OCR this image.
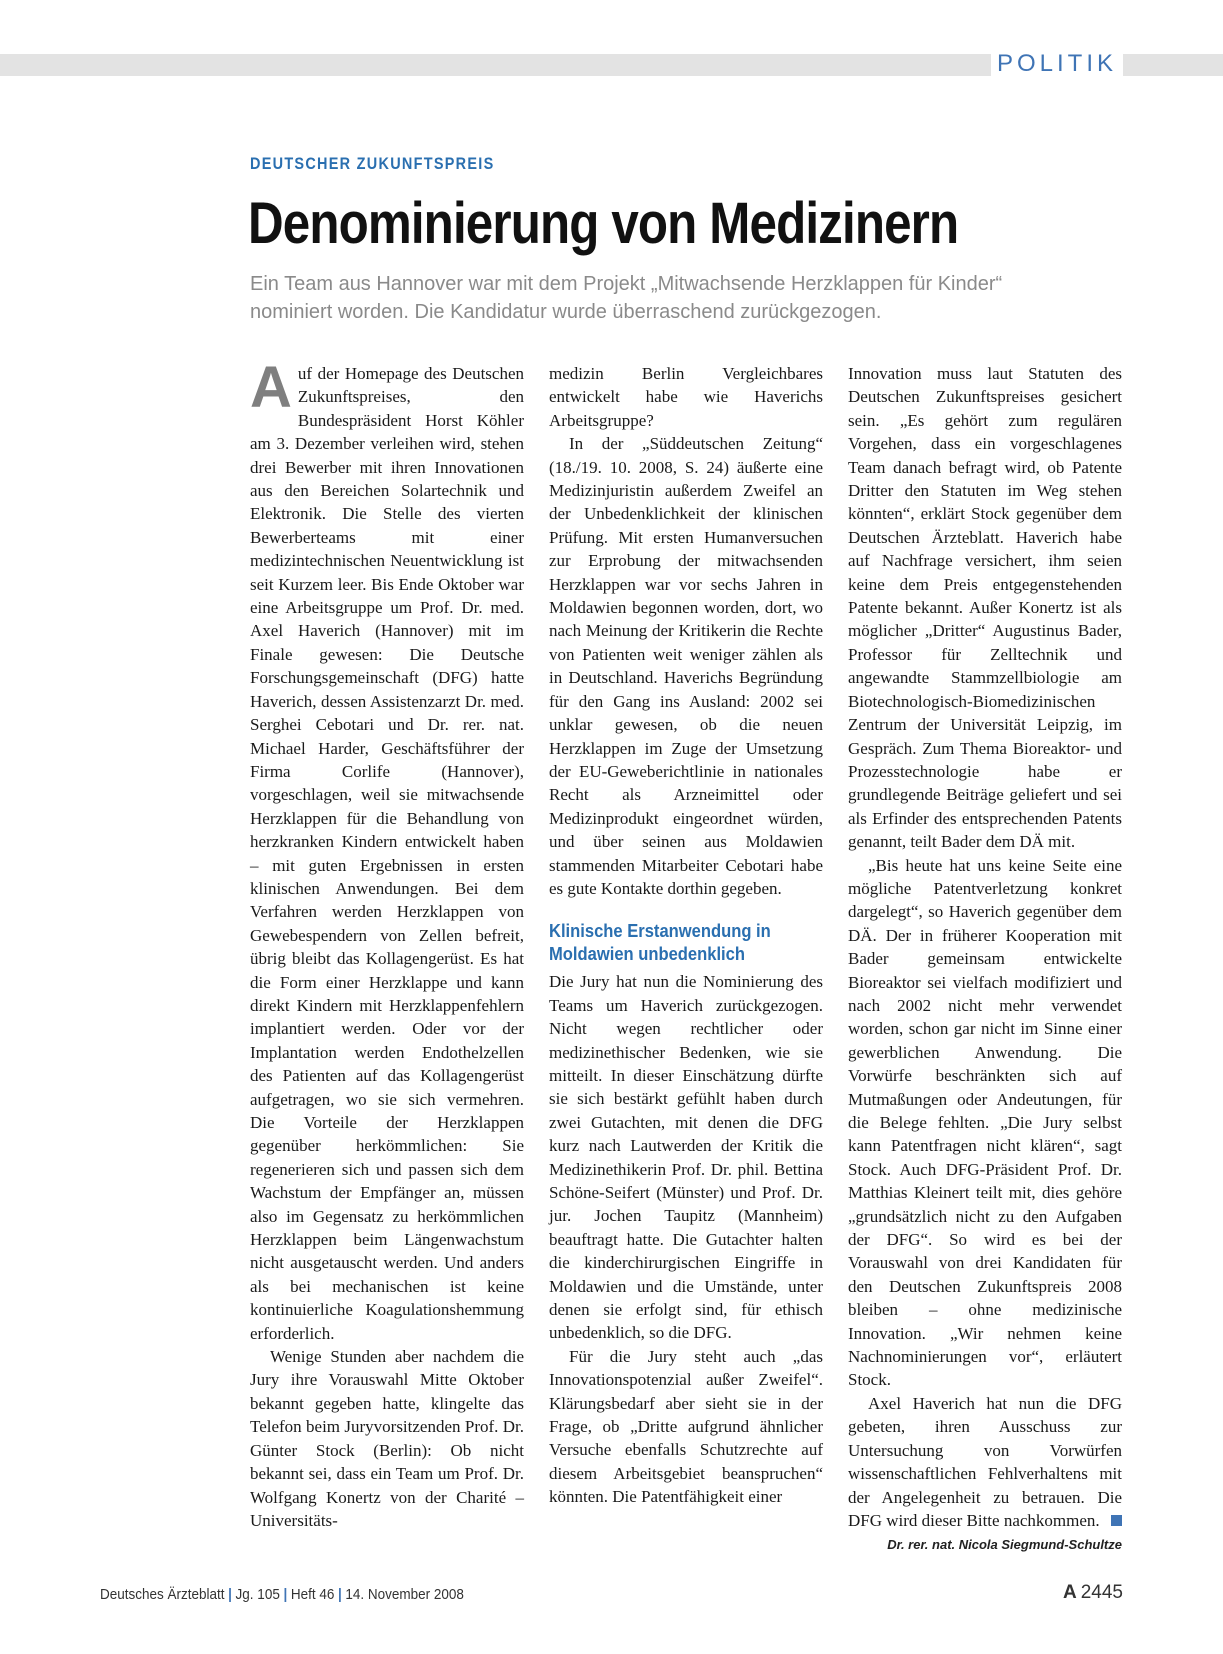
POLITIK
DEUTSCHER ZUKUNFTSPREIS
Denominierung von Medizinern

Ein Team aus Hannover war mit dem Projekt „Mitwachsende Herzklappen für Kinder“ nominiert worden. Die Kandidatur wurde überraschend zurückgezogen.

Auf der Homepage des Deutschen Zukunftspreises, den Bundespräsident Horst Köhler am 3. Dezember verleihen wird, stehen drei Bewerber mit ihren Innovationen aus den Bereichen Solartechnik und Elektronik. Die Stelle des vierten Bewerberteams mit einer medizintechnischen Neuentwicklung ist seit Kurzem leer. Bis Ende Oktober war eine Arbeitsgruppe um Prof. Dr. med. Axel Haverich (Hannover) mit im Finale gewesen: Die Deutsche Forschungsgemeinschaft (DFG) hatte Haverich, dessen Assistenzarzt Dr. med. Serghei Cebotari und Dr. rer. nat. Michael Harder, Geschäftsführer der Firma Corlife (Hannover), vorgeschlagen, weil sie mitwachsende Herzklappen für die Behandlung von herzkranken Kindern entwickelt haben – mit guten Ergebnissen in ersten klinischen Anwendungen. Bei dem Verfahren werden Herzklappen von Gewebespendern von Zellen befreit, übrig bleibt das Kollagengerüst. Es hat die Form einer Herzklappe und kann direkt Kindern mit Herzklappenfehlern implantiert werden. Oder vor der Implantation werden Endothelzellen des Patienten auf das Kollagengerüst aufgetragen, wo sie sich vermehren. Die Vorteile der Herzklappen gegenüber herkömmlichen: Sie regenerieren sich und passen sich dem Wachstum der Empfänger an, müssen also im Gegensatz zu herkömmlichen Herzklappen beim Längenwachstum nicht ausgetauscht werden. Und anders als bei mechanischen ist keine kontinuierliche Koagulationshemmung erforderlich.

Wenige Stunden aber nachdem die Jury ihre Vorauswahl Mitte Oktober bekannt gegeben hatte, klingelte das Telefon beim Juryvorsitzenden Prof. Dr. Günter Stock (Berlin): Ob nicht bekannt sei, dass ein Team um Prof. Dr. Wolfgang Konertz von der Charité – Universitäts-

medizin Berlin Vergleichbares entwickelt habe wie Haverichs Arbeitsgruppe?

In der „Süddeutschen Zeitung“ (18./19. 10. 2008, S. 24) äußerte eine Medizinjuristin außerdem Zweifel an der Unbedenklichkeit der klinischen Prüfung. Mit ersten Humanversuchen zur Erprobung der mitwachsenden Herzklappen war vor sechs Jahren in Moldawien begonnen worden, dort, wo nach Meinung der Kritikerin die Rechte von Patienten weit weniger zählen als in Deutschland. Haverichs Begründung für den Gang ins Ausland: 2002 sei unklar gewesen, ob die neuen Herzklappen im Zuge der Umsetzung der EU-Geweberichtlinie in nationales Recht als Arzneimittel oder Medizinprodukt eingeordnet würden, und über seinen aus Moldawien stammenden Mitarbeiter Cebotari habe es gute Kontakte dorthin gegeben.

Klinische Erstanwendung in Moldawien unbedenklich

Die Jury hat nun die Nominierung des Teams um Haverich zurückgezogen. Nicht wegen rechtlicher oder medizinethischer Bedenken, wie sie mitteilt. In dieser Einschätzung dürfte sie sich bestärkt gefühlt haben durch zwei Gutachten, mit denen die DFG kurz nach Lautwerden der Kritik die Medizinethikerin Prof. Dr. phil. Bettina Schöne-Seifert (Münster) und Prof. Dr. jur. Jochen Taupitz (Mannheim) beauftragt hatte. Die Gutachter halten die kinderchirurgischen Eingriffe in Moldawien und die Umstände, unter denen sie erfolgt sind, für ethisch unbedenklich, so die DFG.

Für die Jury steht auch „das Innovationspotenzial außer Zweifel“. Klärungsbedarf aber sieht sie in der Frage, ob „Dritte aufgrund ähnlicher Versuche ebenfalls Schutzrechte auf diesem Arbeitsgebiet beanspruchen“ könnten. Die Patentfähigkeit einer

Innovation muss laut Statuten des Deutschen Zukunftspreises gesichert sein. „Es gehört zum regulären Vorgehen, dass ein vorgeschlagenes Team danach befragt wird, ob Patente Dritter den Statuten im Weg stehen könnten“, erklärt Stock gegenüber dem Deutschen Ärzteblatt. Haverich habe auf Nachfrage versichert, ihm seien keine dem Preis entgegenstehenden Patente bekannt. Außer Konertz ist als möglicher „Dritter“ Augustinus Bader, Professor für Zelltechnik und angewandte Stammzellbiologie am Biotechnologisch-Biomedizinischen Zentrum der Universität Leipzig, im Gespräch. Zum Thema Bioreaktor- und Prozesstechnologie habe er grundlegende Beiträge geliefert und sei als Erfinder des entsprechenden Patents genannt, teilt Bader dem DÄ mit.

„Bis heute hat uns keine Seite eine mögliche Patentverletzung konkret dargelegt“, so Haverich gegenüber dem DÄ. Der in früherer Kooperation mit Bader gemeinsam entwickelte Bioreaktor sei vielfach modifiziert und nach 2002 nicht mehr verwendet worden, schon gar nicht im Sinne einer gewerblichen Anwendung. Die Vorwürfe beschränkten sich auf Mutmaßungen oder Andeutungen, für die Belege fehlten. „Die Jury selbst kann Patentfragen nicht klären“, sagt Stock. Auch DFG-Präsident Prof. Dr. Matthias Kleinert teilt mit, dies gehöre „grundsätzlich nicht zu den Aufgaben der DFG“. So wird es bei der Vorauswahl von drei Kandidaten für den Deutschen Zukunftspreis 2008 bleiben – ohne medizinische Innovation. „Wir nehmen keine Nachnominierungen vor“, erläutert Stock.

Axel Haverich hat nun die DFG gebeten, ihren Ausschuss zur Untersuchung von Vorwürfen wissenschaftlichen Fehlverhaltens mit der Angelegenheit zu betrauen. Die DFG wird dieser Bitte nachkommen.

Dr. rer. nat. Nicola Siegmund-Schultze
Deutsches Ärzteblatt | Jg. 105 | Heft 46 | 14. November 2008	A 2445
